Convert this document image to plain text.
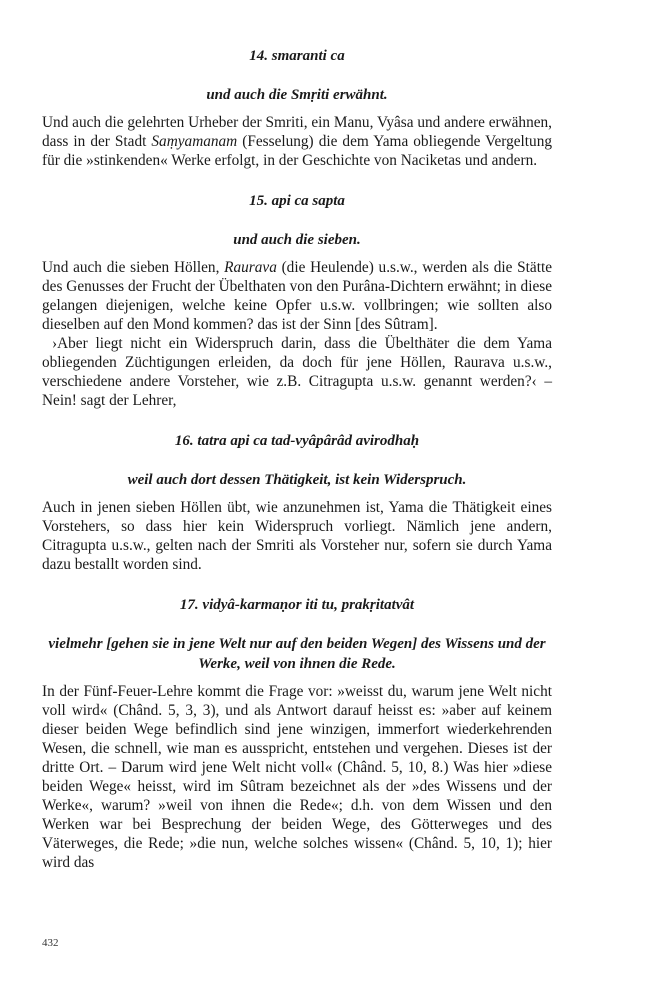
14. smaranti ca
und auch die Smṛiti erwähnt.

Und auch die gelehrten Urheber der Smriti, ein Manu, Vyâsa und andere erwähnen, dass in der Stadt Saṃyamanam (Fesselung) die dem Yama obliegende Vergeltung für die »stinkenden« Werke erfolgt, in der Geschichte von Naciketas und andern.

15. api ca sapta
und auch die sieben.

Und auch die sieben Höllen, Raurava (die Heulende) u.s.w., werden als die Stätte des Genusses der Frucht der Übelthaten von den Purâna-Dichtern erwähnt; in diese gelangen diejenigen, welche keine Opfer u.s.w. vollbringen; wie sollten also dieselben auf den Mond kommen? das ist der Sinn [des Sûtram].

›Aber liegt nicht ein Widerspruch darin, dass die Übelthäter die dem Yama obliegenden Züchtigungen erleiden, da doch für jene Höllen, Raurava u.s.w., verschiedene andere Vorsteher, wie z.B. Citragupta u.s.w. genannt werden?‹ – Nein! sagt der Lehrer,

16. tatra api ca tad-vyâpârâd avirodhaḥ
weil auch dort dessen Thätigkeit, ist kein Widerspruch.

Auch in jenen sieben Höllen übt, wie anzunehmen ist, Yama die Thätigkeit eines Vorstehers, so dass hier kein Widerspruch vorliegt. Nämlich jene andern, Citragupta u.s.w., gelten nach der Smriti als Vorsteher nur, sofern sie durch Yama dazu bestallt worden sind.

17. vidyâ-karmaṇor iti tu, prakṛitatvât
vielmehr [gehen sie in jene Welt nur auf den beiden Wegen] des Wissens und der Werke, weil von ihnen die Rede.

In der Fünf-Feuer-Lehre kommt die Frage vor: »weisst du, warum jene Welt nicht voll wird« (Chând. 5, 3, 3), und als Antwort darauf heisst es: »aber auf keinem dieser beiden Wege befindlich sind jene winzigen, immerfort wiederkehrenden Wesen, die schnell, wie man es ausspricht, entstehen und vergehen. Dieses ist der dritte Ort. – Darum wird jene Welt nicht voll« (Chând. 5, 10, 8.) Was hier »diese beiden Wege« heisst, wird im Sûtram bezeichnet als der »des Wissens und der Werke«, warum? »weil von ihnen die Rede«; d.h. von dem Wissen und den Werken war bei Besprechung der beiden Wege, des Götterweges und des Väterweges, die Rede; »die nun, welche solches wissen« (Chând. 5, 10, 1); hier wird das

432
